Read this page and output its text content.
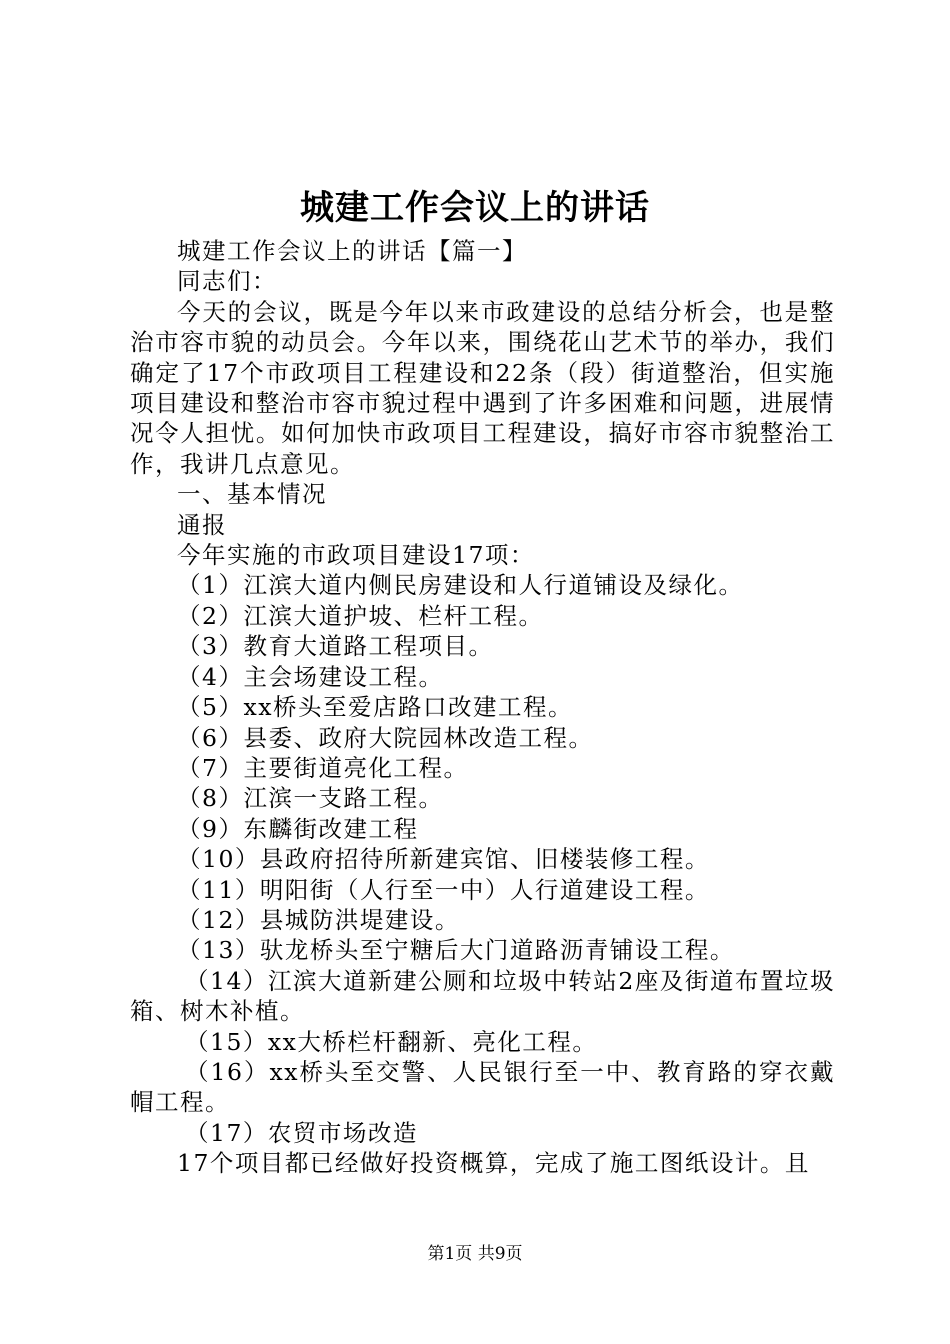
城建工作会议上的讲话

城建工作会议上的讲话【篇一】

同志们：

今天的会议，既是今年以来市政建设的总结分析会，也是整治市容市貌的动员会。今年以来，围绕花山艺术节的举办，我们确定了17个市政项目工程建设和22条（段）街道整治，但实施项目建设和整治市容市貌过程中遇到了许多困难和问题，进展情况令人担忧。如何加快市政项目工程建设，搞好市容市貌整治工作，我讲几点意见。

一、基本情况

通报

今年实施的市政项目建设17项：

（1）江滨大道内侧民房建设和人行道铺设及绿化。

（2）江滨大道护坡、栏杆工程。

（3）教育大道路工程项目。

（4）主会场建设工程。

（5）xx桥头至爱店路口改建工程。

（6）县委、政府大院园林改造工程。

（7）主要街道亮化工程。

（8）江滨一支路工程。

（9）东麟街改建工程

（10）县政府招待所新建宾馆、旧楼装修工程。

（11）明阳街（人行至一中）人行道建设工程。

（12）县城防洪堤建设。

（13）驮龙桥头至宁糖后大门道路沥青铺设工程。

（14）江滨大道新建公厕和垃圾中转站2座及街道布置垃圾箱、树木补植。

（15）xx大桥栏杆翻新、亮化工程。

（16）xx桥头至交警、人民银行至一中、教育路的穿衣戴帽工程。

（17）农贸市场改造

17个项目都已经做好投资概算，完成了施工图纸设计。且

第1页 共9页
